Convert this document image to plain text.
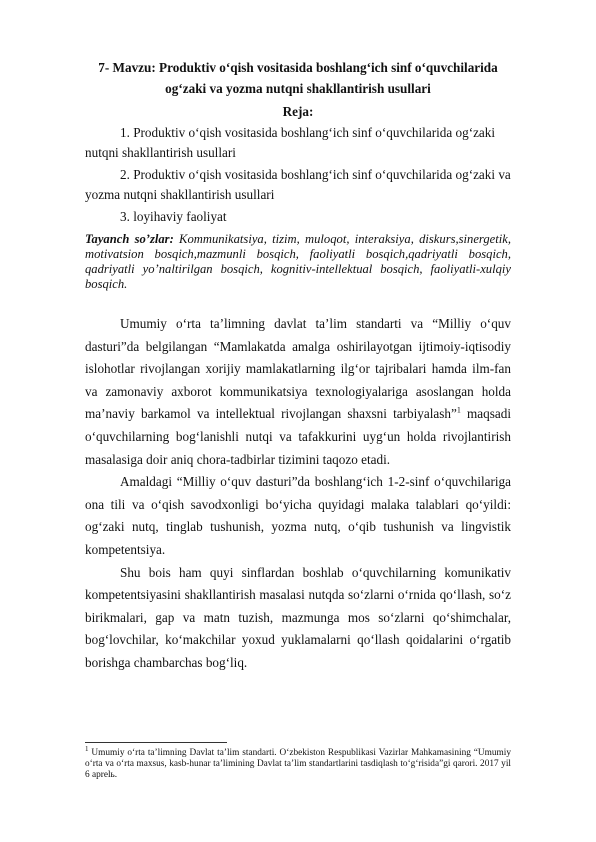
7- Mavzu: Produktiv o‘qish vositasida boshlang‘ich sinf o‘quvchilarida

og‘zaki va yozma nutqni shakllantirish usullari

Reja:

1. Produktiv o‘qish vositasida boshlang‘ich sinf o‘quvchilarida og‘zaki
nutqni shakllantirish usullari

2. Produktiv o‘qish vositasida boshlang‘ich sinf o‘quvchilarida og‘zaki va
yozma nutqni shakllantirish usullari

3. loyihaviy faoliyat

Tayanch so’zlar: Kommunikatsiya, tizim, muloqot, interaksiya, diskurs,sinergetik, motivatsion bosqich,mazmunli bosqich, faoliyatli bosqich,qadriyatli bosqich, qadriyatli yo’naltirilgan bosqich, kognitiv-intellektual bosqich, faoliyatli-xulqiy bosqich.

Umumiy o‘rta ta’limning davlat ta’lim standarti va “Milliy o‘quv dasturi”da belgilangan “Mamlakatda amalga oshirilayotgan ijtimoiy-iqtisodiy islohotlar rivojlangan xorijiy mamlakatlarning ilg‘or tajribalari hamda ilm-fan va zamonaviy axborot kommunikatsiya texnologiyalariga asoslangan holda ma’naviy barkamol va intellektual rivojlangan shaxsni tarbiyalash”$^1$ maqsadi o‘quvchilarning bog‘lanishli nutqi va tafakkurini uyg‘un holda rivojlantirish masalasiga doir aniq chora-tadbirlar tizimini taqozo etadi.

Amaldagi “Milliy o‘quv dasturi”da boshlang‘ich 1-2-sinf o‘quvchilariga ona tili va o‘qish savodxonligi bo‘yicha quyidagi malaka talablari qo‘yildi: og‘zaki nutq, tinglab tushunish, yozma nutq, o‘qib tushunish va lingvistik kompetentsiya.

Shu bois ham quyi sinflardan boshlab o‘quvchilarning komunikativ kompetentsiyasini shakllantirish masalasi nutqda so‘zlarni o‘rnida qo‘llash, so‘z birikmalari, gap va matn tuzish, mazmunga mos so‘zlarni qo‘shimchalar, bog‘lovchilar, ko‘makchilar yoxud yuklamalarni qo‘llash qoidalarini o‘rgatib borishga chambarchas bog‘liq.

$^1$ Umumiy o‘rta ta’limning Davlat ta’lim standarti. O‘zbekiston Respublikasi Vazirlar Mahkamasining “Umumiy o‘rta va o‘rta maxsus, kasb-hunar ta’limining Davlat ta’lim standartlarini tasdiqlash to‘g‘risida”gi qarori. 2017 yil 6 aprelь.
